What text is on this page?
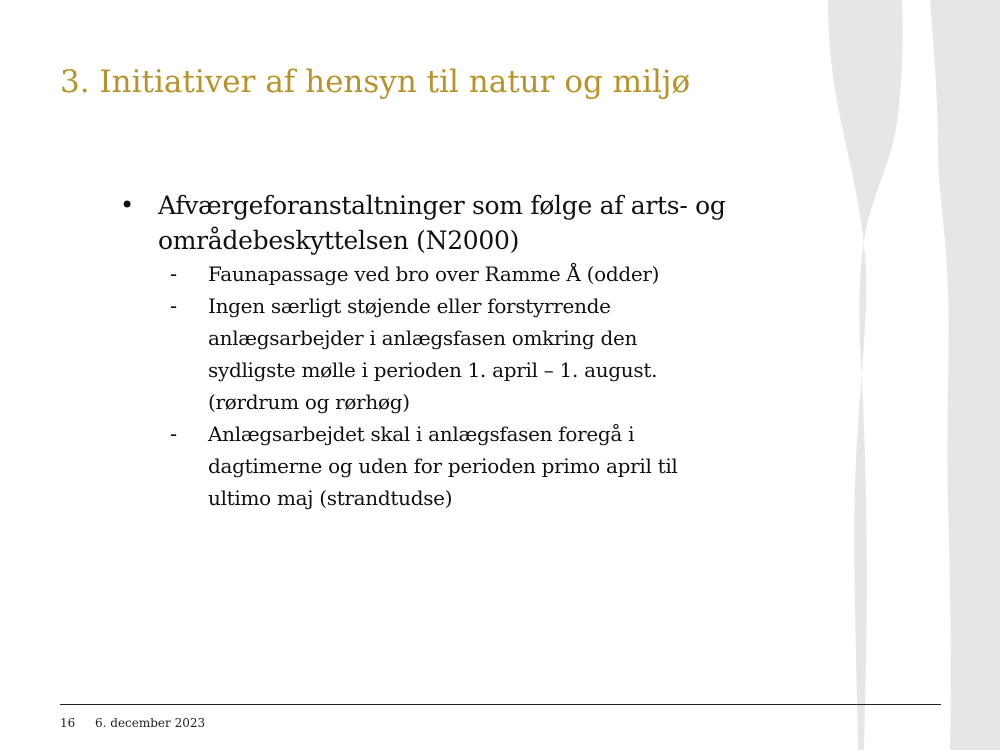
3. Initiativer af hensyn til natur og miljø
• Afværgeforanstaltninger som følge af arts- og
områdebeskyttelsen (N2000)
-	Faunapassage ved bro over Ramme Å (odder)
-	Ingen særligt støjende eller forstyrrende
anlægsarbejder i anlægsfasen omkring den
sydligste mølle i perioden 1. april – 1. august.
(rørdrum og rørhøg)
-	Anlægsarbejdet skal i anlægsfasen foregå i
dagtimerne og uden for perioden primo april til
ultimo maj (strandtudse)
16 6. december 2023
